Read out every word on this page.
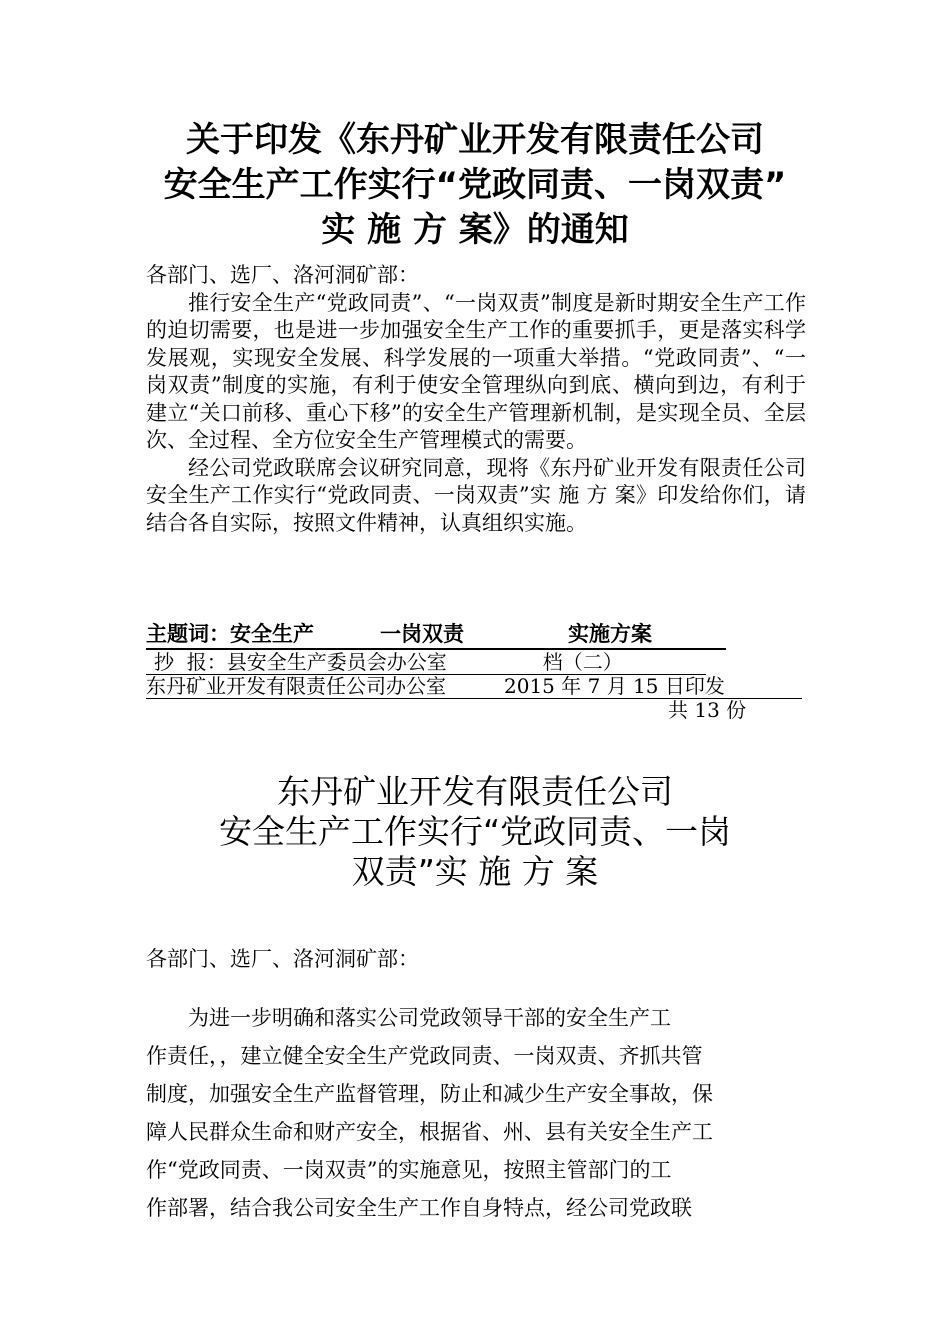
关于印发《东丹矿业开发有限责任公司
安全生产工作实行“党政同责、一岗双责”
实 施 方 案》的通知

各部门、选厂、洛河洞矿部：

推行安全生产“党政同责”、“一岗双责”制度是新时期安全生产工作的迫切需要，也是进一步加强安全生产工作的重要抓手，更是落实科学发展观，实现安全发展、科学发展的一项重大举措。“党政同责”、“一岗双责”制度的实施，有利于使安全管理纵向到底、横向到边，有利于建立“关口前移、重心下移”的安全生产管理新机制，是实现全员、全层次、全过程、全方位安全生产管理模式的需要。

经公司党政联席会议研究同意，现将《东丹矿业开发有限责任公司安全生产工作实行“党政同责、一岗双责”实 施 方 案》印发给你们，请结合各自实际，按照文件精神，认真组织实施。

主题词：安全生产	一岗双责	实施方案
抄  报：县安全生产委员会办公室	档（二）
东丹矿业开发有限责任公司办公室	2015 年 7 月 15 日印发
共 13 份
东丹矿业开发有限责任公司
安全生产工作实行“党政同责、一岗
双责”实 施 方 案

各部门、选厂、洛河洞矿部：

为进一步明确和落实公司党政领导干部的安全生产工
作责任，，建立健全安全生产党政同责、一岗双责、齐抓共管
制度，加强安全生产监督管理，防止和减少生产安全事故，保
障人民群众生命和财产安全，根据省、州、县有关安全生产工
作“党政同责、一岗双责”的实施意见，按照主管部门的工
作部署，结合我公司安全生产工作自身特点，经公司党政联
